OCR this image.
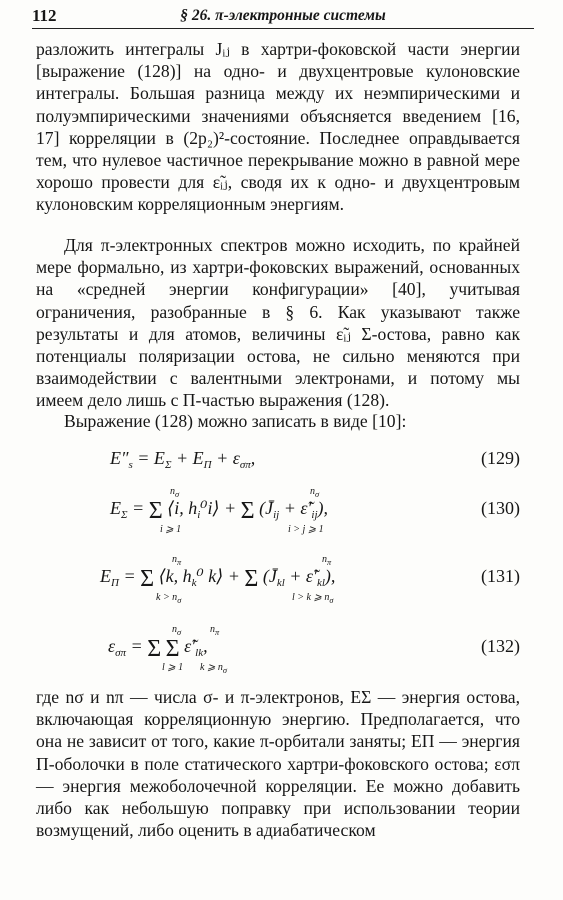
112	§ 26. π-электронные системы

разложить интегралы Jᵢⱼ в хартри-фоковской части энергии [выражение (128)] на одно- и двухцентровые кулоновские интегралы. Большая разница между их неэмпирическими и полуэмпирическими значениями объясняется введением [16, 17] корреляции в (2p₂)²-состояние. Последнее оправдывается тем, что нулевое частичное перекрывание можно в равной мере хорошо провести для ε̃ᵢⱼ, сводя их к одно- и двухцентровым кулоновским корреляционным энергиям.

Для π-электронных спектров можно исходить, по крайней мере формально, из хартри-фоковских выражений, основанных на «средней энергии конфигурации» [40], учитывая ограничения, разобранные в § 6. Как указывают также результаты и для атомов, величины ε̃ᵢⱼ Σ-остова, равно как потенциалы поляризации остова, не сильно меняются при взаимодействии с валентными электронами, и потому мы имеем дело лишь с П-частью выражения (128).

Выражение (128) можно записать в виде [10]:

$E''_s = E_\Sigma + E_П + \varepsilon_{\sigma\pi}$,	(129)
$E_\Sigma = \Sigma$ ⟨i, $h_i^0i⟩ + \Sigma$ ($J̄_{ij}$ + $\varepsiloñ'_{ij}$),
$n_\sigma$
i ⩾ 1
$n_\sigma$
i > j ⩾ 1
(130)
$E_П = \Sigma$ ⟨k, $h_k^0$ k⟩ + Σ ($J̄_{kl}$ + $\varepsiloñ'_{kl}$),
$n_\pi$
$k > n_\sigma$
$n_\pi$
l > k ⩾ $n_\sigma$
(131)
$\varepsilon_{\sigma\pi} = \Sigma$ Σ $\varepsiloñ'_{lk}$,
$n_\sigma$
l ⩾ 1
$n_\pi$
k ⩾ $n_\sigma$
(132)

где nσ и nπ — числа σ- и π-электронов, EΣ — энергия остова, включающая корреляционную энергию. Предполагается, что она не зависит от того, какие π-орбитали заняты; EП — энергия П-оболочки в поле статического хартри-фоковского остова; εσπ — энергия межоболочечной корреляции. Ее можно добавить либо как небольшую поправку при использовании теории возмущений, либо оценить в адиабатическом
